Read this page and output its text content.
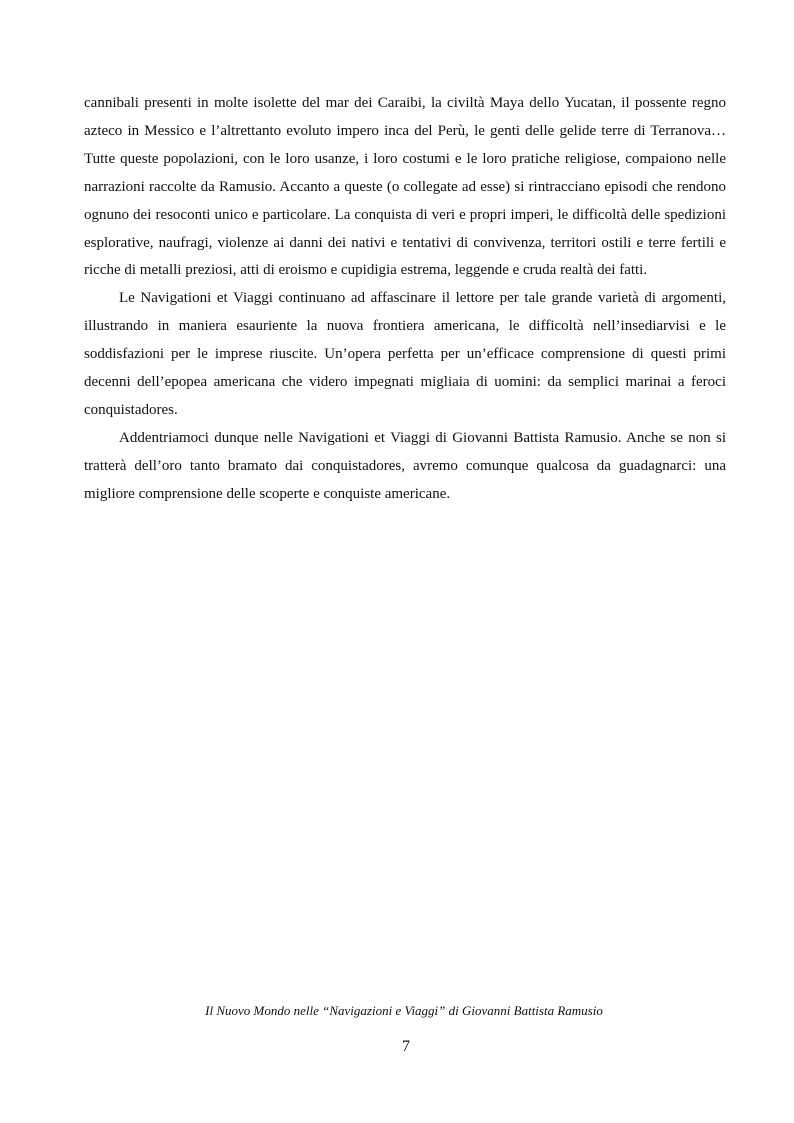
cannibali presenti in molte isolette del mar dei Caraibi, la civiltà Maya dello Yucatan, il possente regno azteco in Messico e l’altrettanto evoluto impero inca del Perù, le genti delle gelide terre di Terranova… Tutte queste popolazioni, con le loro usanze, i loro costumi e le loro pratiche religiose, compaiono nelle narrazioni raccolte da Ramusio. Accanto a queste (o collegate ad esse) si rintracciano episodi che rendono ognuno dei resoconti unico e particolare. La conquista di veri e propri imperi, le difficoltà delle spedizioni esplorative, naufragi, violenze ai danni dei nativi e tentativi di convivenza, territori ostili e terre fertili e ricche di metalli preziosi, atti di eroismo e cupidigia estrema, leggende e cruda realtà dei fatti.

Le Navigationi et Viaggi continuano ad affascinare il lettore per tale grande varietà di argomenti, illustrando in maniera esauriente la nuova frontiera americana, le difficoltà nell’insediarvisi e le soddisfazioni per le imprese riuscite. Un’opera perfetta per un’efficace comprensione di questi primi decenni dell’epopea americana che videro impegnati migliaia di uomini: da semplici marinai a feroci conquistadores.

Addentriamoci dunque nelle Navigationi et Viaggi di Giovanni Battista Ramusio. Anche se non si tratterà dell’oro tanto bramato dai conquistadores, avremo comunque qualcosa da guadagnarci: una migliore comprensione delle scoperte e conquiste americane.

Il Nuovo Mondo nelle “Navigazioni e Viaggi” di Giovanni Battista Ramusio
7
